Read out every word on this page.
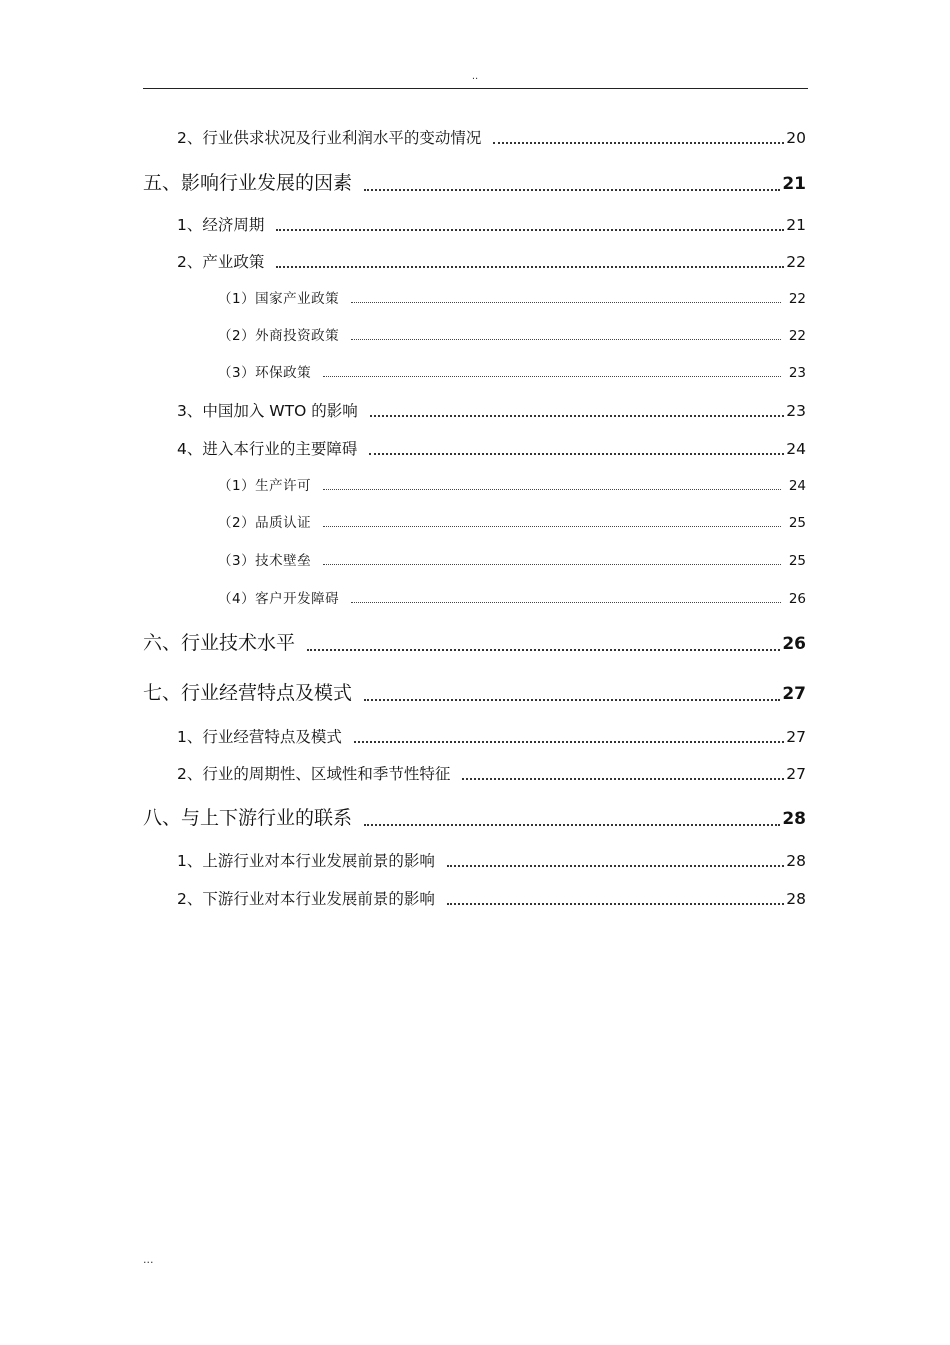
..
2、行业供求状况及行业利润水平的变动情况	20
五、影响行业发展的因素	21
1、经济周期	21
2、产业政策	22
（1）国家产业政策	22
（2）外商投资政策	22
（3）环保政策	23
3、中国加入 WTO 的影响	23
4、进入本行业的主要障碍	24
（1）生产许可	24
（2）品质认证	25
（3）技术壁垒	25
（4）客户开发障碍	26
六、行业技术水平	26
七、行业经营特点及模式	27
1、行业经营特点及模式	27
2、行业的周期性、区域性和季节性特征	27
八、与上下游行业的联系	28
1、上游行业对本行业发展前景的影响	28
2、下游行业对本行业发展前景的影响	28
...
